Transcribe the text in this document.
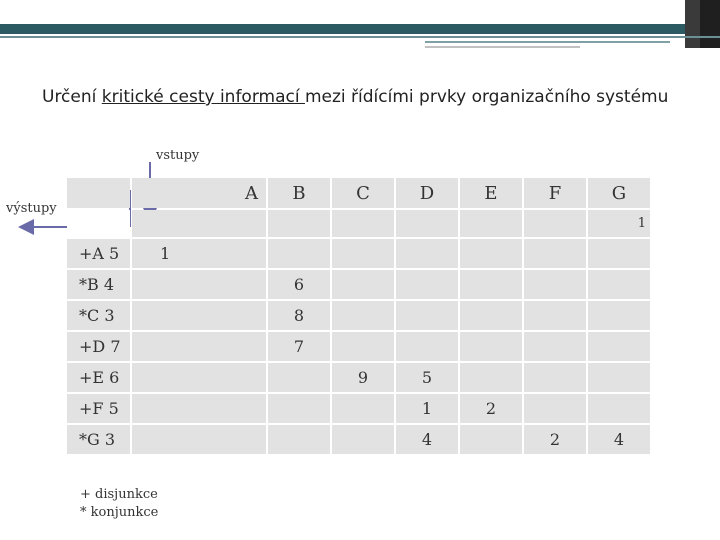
Určení kritické cesty informací mezi řídícími prvky organizačního systému
vstupy
výstupy
	A	B	C	D	E	F	G	
							1	
+A 5	1							
*B 4		6						
*C 3		8						
+D 7		7						
+E 6			9	5				
+F 5				1	2			
*G 3				4		2	4	
+ disjunkce
* konjunkce
